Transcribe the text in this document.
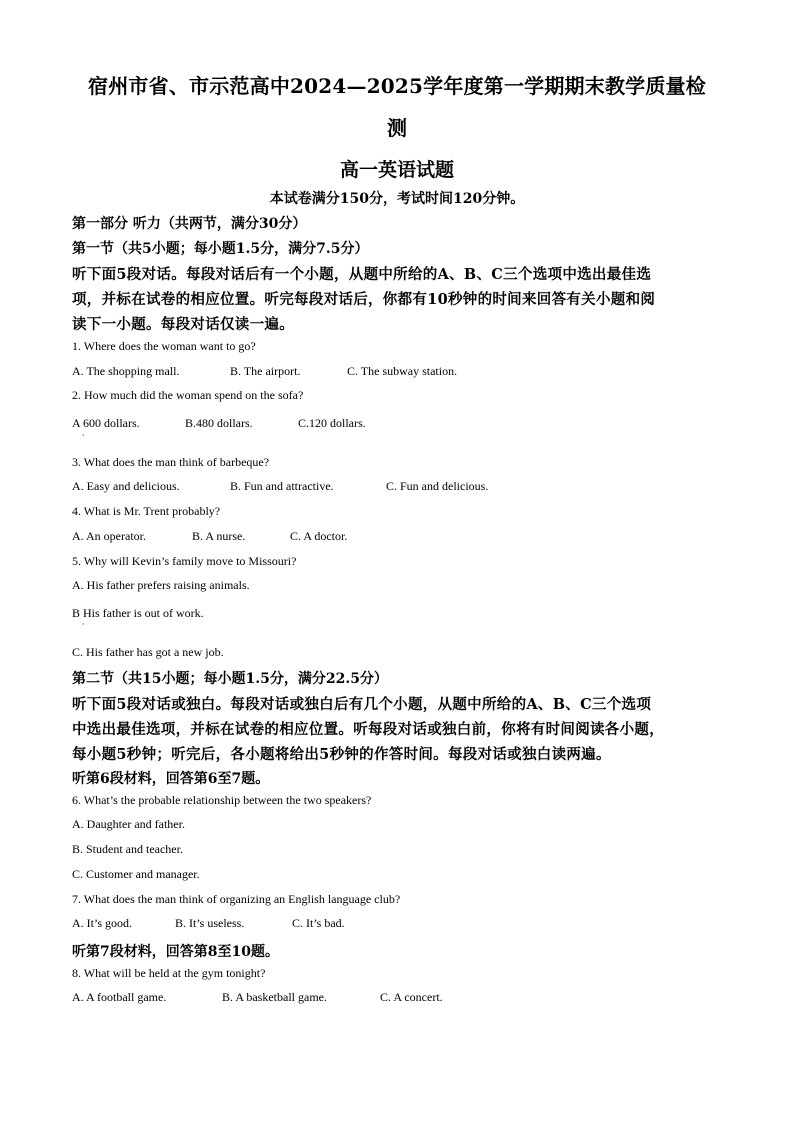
宿州市省、市示范高中2024—2025学年度第一学期期末教学质量检
测
高一英语试题
本试卷满分150分，考试时间120分钟。
第一部分 听力（共两节，满分30分）
第一节（共5小题；每小题1.5分，满分7.5分）
听下面5段对话。每段对话后有一个小题，从题中所给的A、B、C三个选项中选出最佳选
项，并标在试卷的相应位置。听完每段对话后，你都有10秒钟的时间来回答有关小题和阅
读下一小题。每段对话仅读一遍。
1. Where does the woman want to go?
A. The shopping mall.	B. The airport.	C. The subway station.
2. How much did the woman spend on the sofa?
A 600 dollars.	B.480 dollars.	C.120 dollars.
·
3. What does the man think of barbeque?
A. Easy and delicious.	B. Fun and attractive.	C. Fun and delicious.
4. What is Mr. Trent probably?
A. An operator.	B. A nurse.	C. A doctor.
5. Why will Kevin’s family move to Missouri?
A. His father prefers raising animals.
B His father is out of work.
·
C. His father has got a new job.
第二节（共15小题；每小题1.5分，满分22.5分）
听下面5段对话或独白。每段对话或独白后有几个小题，从题中所给的A、B、C三个选项
中选出最佳选项，并标在试卷的相应位置。听每段对话或独白前，你将有时间阅读各小题，
每小题5秒钟；听完后，各小题将给出5秒钟的作答时间。每段对话或独白读两遍。
听第6段材料，回答第6至7题。
6. What’s the probable relationship between the two speakers?
A. Daughter and father.
B. Student and teacher.
C. Customer and manager.
7. What does the man think of organizing an English language club?
A. It’s good.	B. It’s useless.	C. It’s bad.
听第7段材料，回答第8至10题。
8. What will be held at the gym tonight?
A. A football game.	B. A basketball game.	C. A concert.
